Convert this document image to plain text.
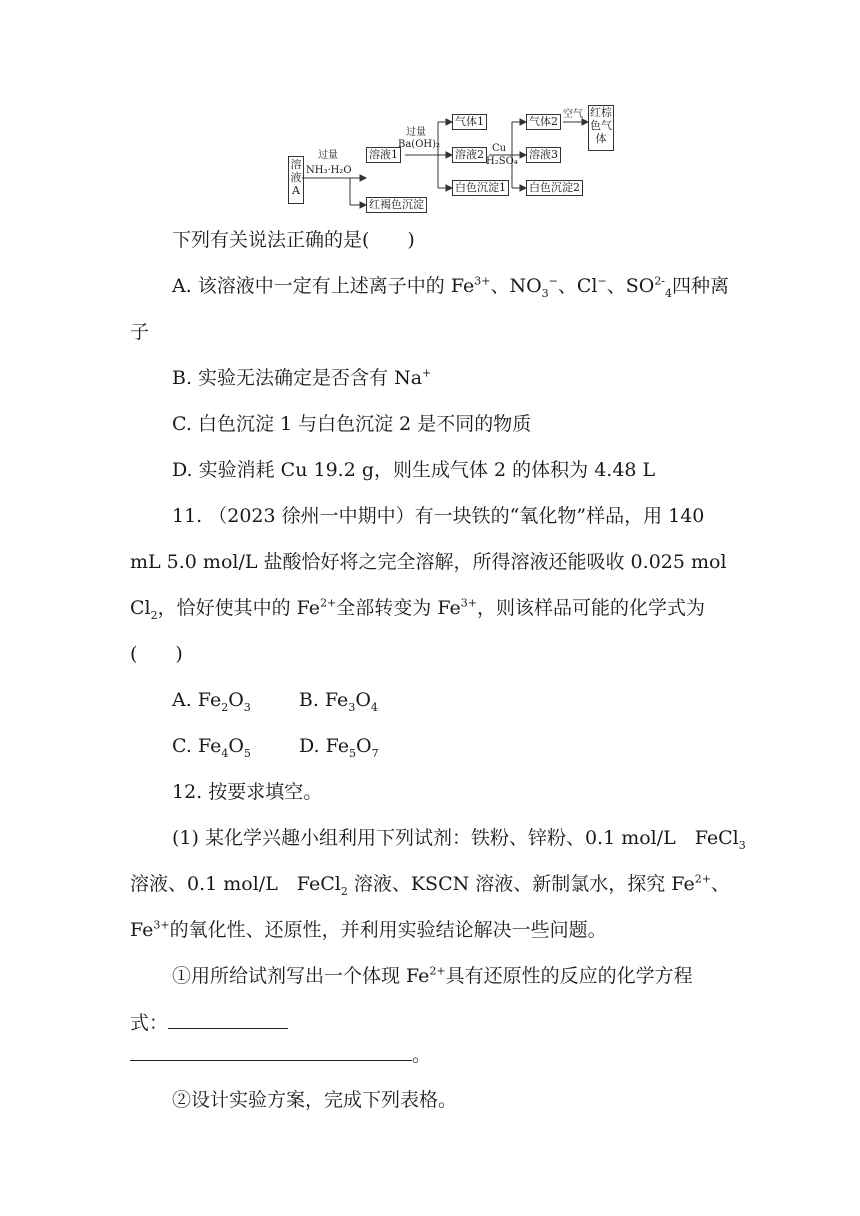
溶液A
过量
NH₃·H₂O
溶液1
红褐色沉淀
过量
Ba(OH)₂
气体1
溶液2
白色沉淀1
Cu
H₂SO₄
气体2
溶液3
白色沉淀2
空气 红棕色气体
下列有关说法正确的是(　　)
A. 该溶液中一定有上述离子中的 $Fe^{3+}$、$NO_3^-$、Cl−、$SO^{2-}_4$四种离
子
B. 实验无法确定是否含有 Na+
C. 白色沉淀 1 与白色沉淀 2 是不同的物质
D. 实验消耗 Cu 19.2 g，则生成气体 2 的体积为 4.48 L
11. （2023 徐州一中期中）有一块铁的“氧化物”样品，用 140
mL 5.0 mol/L 盐酸恰好将之完全溶解，所得溶液还能吸收 0.025 mol
$Cl_2$，恰好使其中的 $Fe^{2+}$全部转变为 $Fe^{3+}$，则该样品可能的化学式为
(　　)
A. $Fe_2O_3$	B. $Fe_3O_4$
C. $Fe_4O_5$	D. $Fe_5O_7$
12. 按要求填空。
(1) 某化学兴趣小组利用下列试剂：铁粉、锌粉、0.1 mol/L　FeCl$_3$
溶液、0.1 mol/L　FeCl$_2$ 溶液、KSCN 溶液、新制氯水，探究 $Fe^{2+}$、
$Fe^{3+}$的氧化性、还原性，并利用实验结论解决一些问题。
①用所给试剂写出一个体现 $Fe^{2+}$具有还原性的反应的化学方程
式：
。
②设计实验方案，完成下列表格。
